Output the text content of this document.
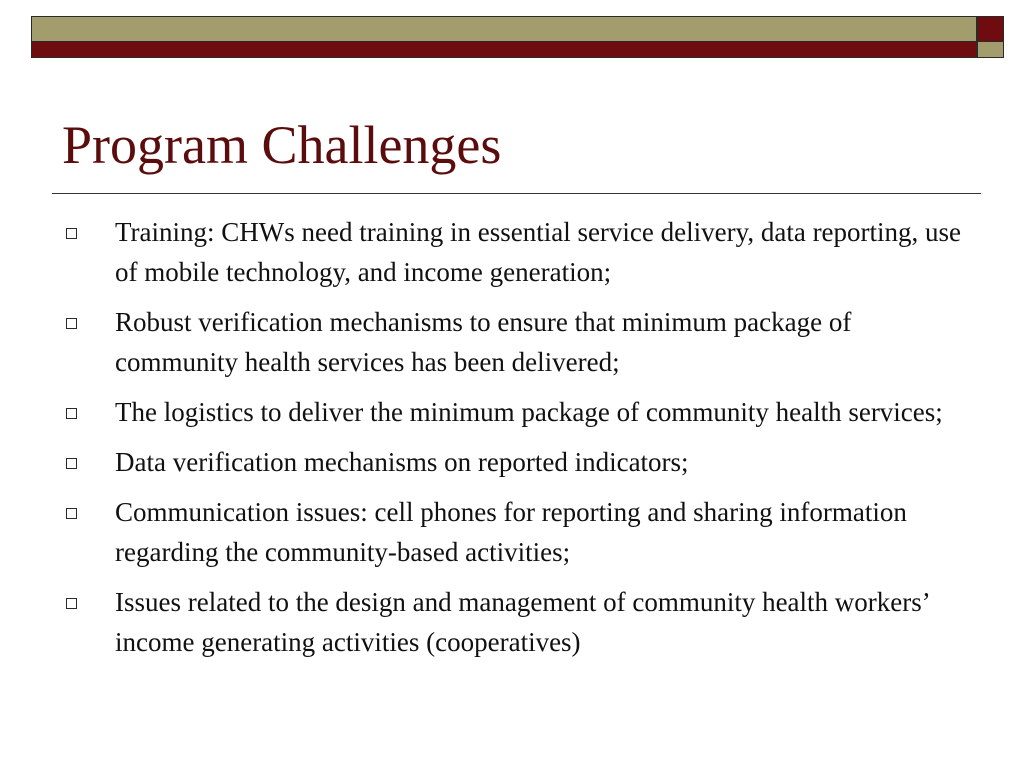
Program Challenges
Training: CHWs need training in essential service delivery, data reporting, use of mobile technology, and income generation;
Robust verification mechanisms to ensure that minimum package of community health services has been delivered;
The logistics to deliver the minimum package of community health services;
Data verification mechanisms on reported indicators;
Communication issues: cell phones for reporting and sharing information regarding the community-based activities;
Issues related to the design and management of community health workers’ income generating activities (cooperatives)
